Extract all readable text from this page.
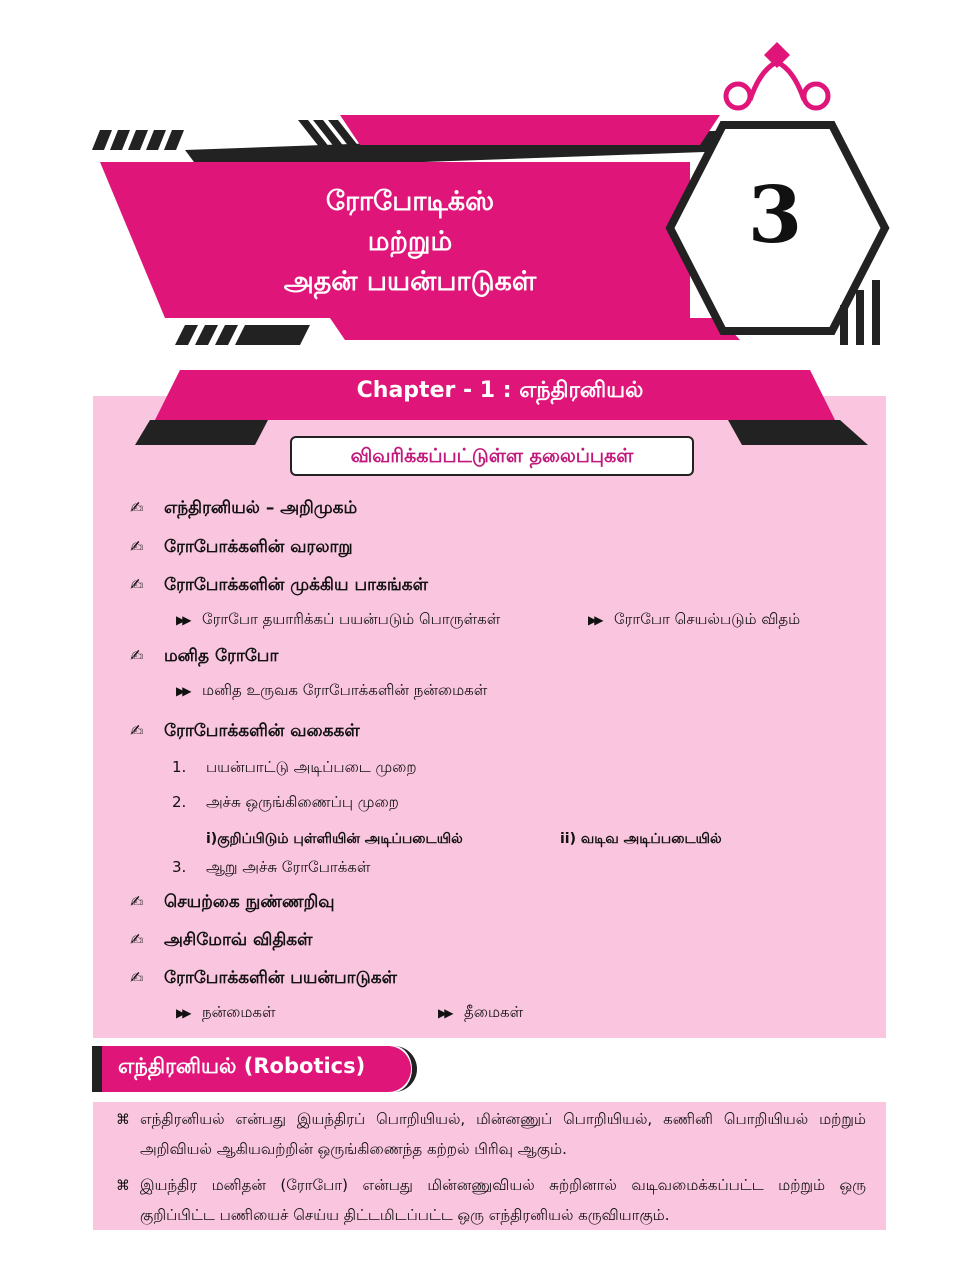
ரோபோடிக்ஸ்
மற்றும்
அதன் பயன்பாடுகள்
3
Chapter - 1 : எந்திரனியல்
விவரிக்கப்பட்டுள்ள தலைப்புகள்
✍ எந்திரனியல் – அறிமுகம்
✍ ரோபோக்களின் வரலாறு
✍ ரோபோக்களின் முக்கிய பாகங்கள்
▶▶ ரோபோ தயாரிக்கப் பயன்படும் பொருள்கள்	▶▶ ரோபோ செயல்படும் விதம்
✍ மனித ரோபோ
▶▶ மனித உருவக ரோபோக்களின் நன்மைகள்
✍ ரோபோக்களின் வகைகள்
1. பயன்பாட்டு அடிப்படை முறை
2. அச்சு ஒருங்கிணைப்பு முறை
i)குறிப்பிடும் புள்ளியின் அடிப்படையில்	ii) வடிவ அடிப்படையில்
3. ஆறு அச்சு ரோபோக்கள்
✍ செயற்கை நுண்ணறிவு
✍ அசிமோவ் விதிகள்
✍ ரோபோக்களின் பயன்பாடுகள்
▶▶ நன்மைகள்	▶▶ தீமைகள்
எந்திரனியல் (Robotics)
⌘ எந்திரனியல் என்பது இயந்திரப் பொறியியல், மின்னணுப் பொறியியல், கணினி பொறியியல் மற்றும் அறிவியல் ஆகியவற்றின் ஒருங்கிணைந்த கற்றல் பிரிவு ஆகும்.
⌘ இயந்திர மனிதன் (ரோபோ) என்பது மின்னணுவியல் சுற்றினால் வடிவமைக்கப்பட்ட மற்றும் ஒரு குறிப்பிட்ட பணியைச் செய்ய திட்டமிடப்பட்ட ஒரு எந்திரனியல் கருவியாகும்.
